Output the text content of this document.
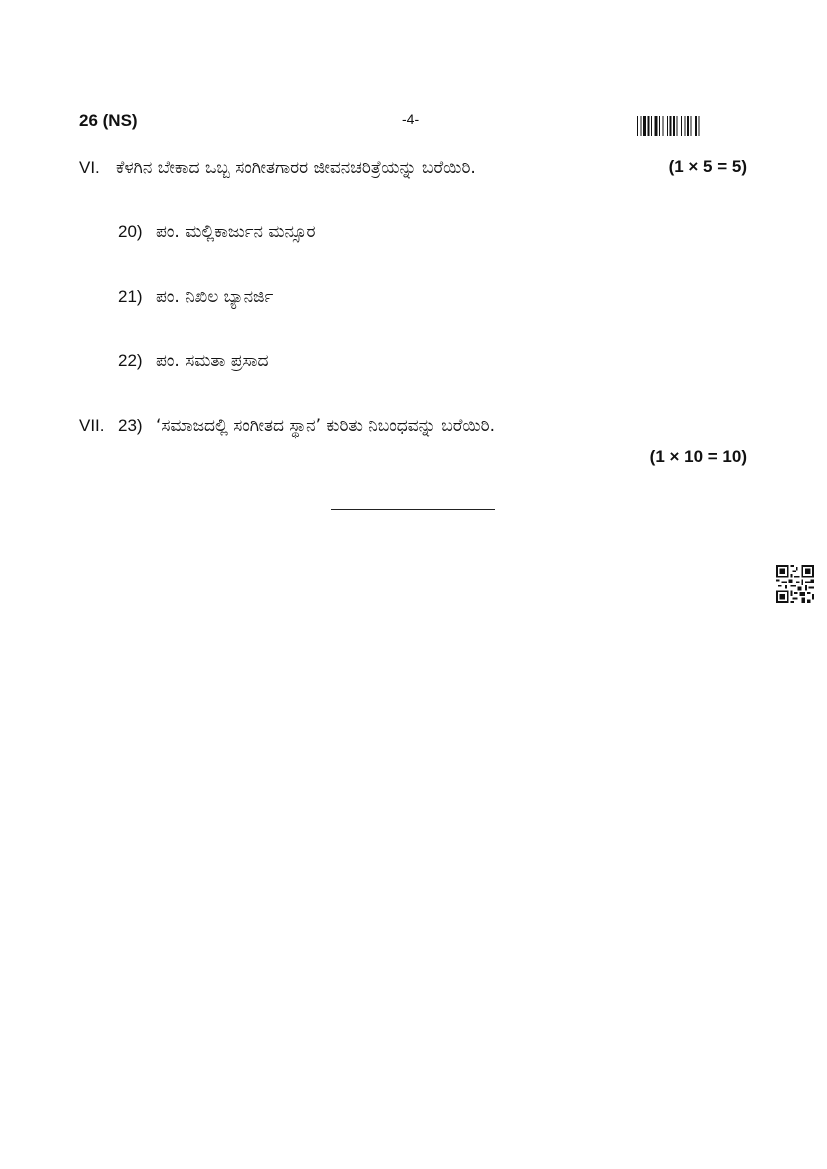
26 (NS)	-4-
VI. ಕೆಳಗಿನ ಬೇಕಾದ ಒಬ್ಬ ಸಂಗೀತಗಾರರ ಜೀವನಚರಿತ್ರೆಯನ್ನು ಬರೆಯಿರಿ.	(1 × 5 = 5)
20) ಪಂ. ಮಲ್ಲಿಕಾರ್ಜುನ ಮನ್ಸೂರ
21) ಪಂ. ನಿಖಿಲ ಬ್ಯಾನರ್ಜಿ
22) ಪಂ. ಸಮತಾ ಪ್ರಸಾದ
VII. 23) ‘ಸಮಾಜದಲ್ಲಿ ಸಂಗೀತದ ಸ್ಥಾನ’ ಕುರಿತು ನಿಬಂಧವನ್ನು ಬರೆಯಿರಿ.
(1 × 10 = 10)
